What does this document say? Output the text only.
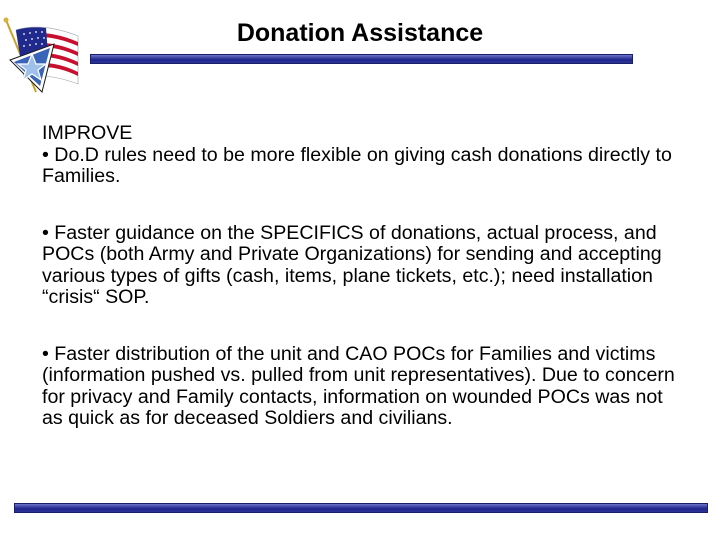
Donation Assistance
IMPROVE
• Do.D rules need to be more flexible on giving cash donations directly to Families.
• Faster guidance on the SPECIFICS of donations, actual process, and POCs (both Army and Private Organizations) for sending and accepting various types of gifts (cash, items, plane tickets, etc.); need installation “crisis“ SOP.
• Faster distribution of the unit and CAO POCs for Families and victims (information pushed vs. pulled from unit representatives). Due to concern for privacy and Family contacts, information on wounded POCs was not as quick as for deceased Soldiers and civilians.
